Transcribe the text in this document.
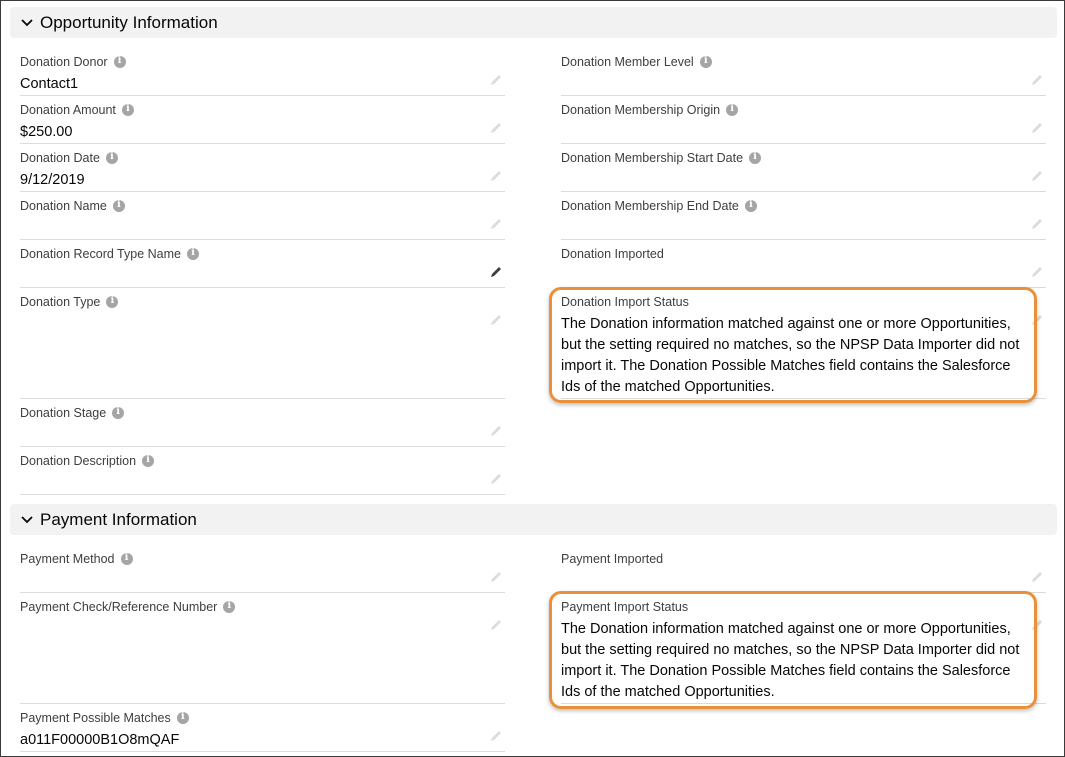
Opportunity Information
Donation Donor
i
Contact1
Donation Amount
i
$250.00
Donation Date
i
9/12/2019
Donation Name
i
Donation Record Type Name
i
Donation Type
i
Donation Stage
i
Donation Description
i
Donation Member Level
i
Donation Membership Origin
i
Donation Membership Start Date
i
Donation Membership End Date
i
Donation Imported
Donation Import Status
The Donation information matched against one or more Opportunities, but the setting required no matches, so the NPSP Data Importer did not import it. The Donation Possible Matches field contains the Salesforce Ids of the matched Opportunities.
Payment Information
Payment Method
i
Payment Check/Reference Number
i
Payment Possible Matches
i
a011F00000B1O8mQAF
Payment Imported
Payment Import Status
The Donation information matched against one or more Opportunities, but the setting required no matches, so the NPSP Data Importer did not import it. The Donation Possible Matches field contains the Salesforce Ids of the matched Opportunities.
